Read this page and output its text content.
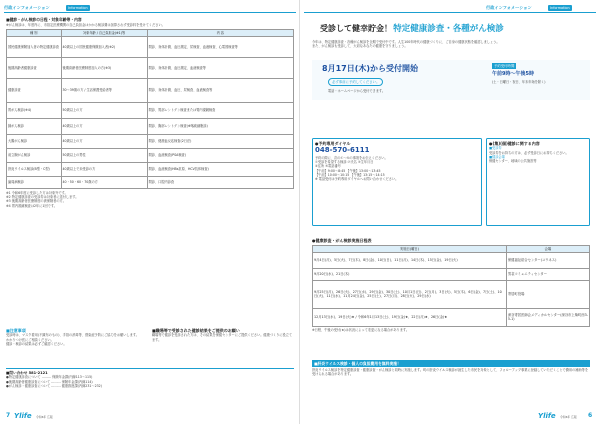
行政インフォメーション	Information
■健診・がん検診の日程・対象年齢等・内容
※がん検診は、年度内に、市指定医療機関の自己負担金はかかる検診費は加算されず受診料を受けてください。
種 別	対象年齢 / 自己負担金(※1)等	内 容
国民健康保険加入者の特定健康診査	40歳以上の国民健康保険加入者(※2)	問診、身体計測、血圧測定、尿検査、血液検査、心電図検査等
後期高齢者健康診査	後期高齢者医療制度加入の方(※3)	問診、身体計測、血圧測定、血液検査等
健康診査	30～39歳の方 / 生活保護受給者等	問診、身体計測、血圧、尿検査、血液検査等
胃がん検診(※4)	50歳以上の方	問診、胃部レントゲン検査または胃内視鏡検査
肺がん検診	40歳以上の方	問診、胸部レントゲン検査(※喀痰細胞診)
大腸がん検診	40歳以上の方	問診、便潜血反応検査(2日法)
前立腺がん検診	50歳以上の男性	問診、血液検査(PSA検査)
肝炎ウイルス検診(B型・C型)	40歳以上で未受診の方	問診、血液検査(HBs抗原、HCV抗体検査)
歯周病検診	40・50・60・70歳の方	問診、口腔内診査
※1 令和6年度に受診した方は対象外です。
※2 特定健康診査の受診券は対象者に送付します。
※3 後期高齢者医療制度の被保険者の方。
※4 胃内視鏡検査は2年に1回です。
■注意事項
受診時は、マスク着用(不織布のもの)、手指の消毒等、感染症予防にご協力をお願いします。
かかりつけ医にご相談ください。
健診・検診の結果は必ずご確認ください。
■職場等で受診された健診結果をご提供のお願い
職場等で健診を受診された方は、その結果を保健センターにご提供ください。健康づくりに役立てます。
■問い合わせ 581-2121
●特定健康診査について ……… 保険年金課(内線113～115)
●後期高齢者健康診査について ……… 保険年金課(内線114)
●がん検診・健康診査について ……… 健康推進課(内線231～232)
7 Ylife 令和6年 広報
行政インフォメーション	Information
受診して健幸貯金！ 特定健康診査・各種がん検診
今年は、特定健康診査・各種がん検診を全期で受付中です。人生100年時代の健康づくりに、ご自身の健康状態を確認しましょう。
また、がん検診も受診して、大切なあなたの健康を守りましょう。
8月17日(木)から受付開始
必ず事前に予約してください。
電話・ホームページから受付できます。
予約受付時間
午前9時～午後5時
(土・日曜日・祝日、年末年始を除く)
●予約専用ダイヤル
048-570-6111
予約の際に、次の①～⑤の事項をお伝えください。
①受診を希望する検診 ②氏名 ③生年月日
④住所 ⑤電話番号
【午前】9:00～8:45 【午後】13:00～13:45
【午前】10:00～10:15 【午後】13:15～14:15
※ 電話受付は予約専用ダイヤルへお問い合わせください。
●(集)(個)健診に関する内容
■受診券
受診券をお持ちの方は、必ず受診日にお持ちください。
■健診会場
保健センター、地域の公共施設等
●健康診査・がん検診実施日程表
実施日(曜日)	会場
9月4日(月)、5日(火)、7日(木)、8日(金)、10日(日)、11日(月)、14日(木)、15日(金)、19日(火)	保健福祉総合センター(ユウネス)
9月20日(水)、21日(木)	男衾コミュニティセンター
9月25日(月)、26日(火)、27日(水)、29日(金)、30日(土)、10月1日(日)、2日(月)、3日(火)、5日(木)、6日(金)、7日(土)、10日(火)、11日(水)、11月24日(金)、25日(土)、27日(月)、28日(火)、29日(水)	寄居町役場
12月13日(水)、19日(火)★ / 令和6年1月13日(土)、19日(金)★、22日(月)★、26日(金)★	深谷寄居医師会メディカルセンター(深谷市上柴町西3-5-1)
※日程、午後の受付(★)は状況によって変更になる場合があります。
■肝炎ウイルス検診・個人の負担費用を無料実施！
肝炎ウイルス検診を特定健康診査・健康診査・がん検診と同時に実施します。町の肝炎ウイルス検診が誕生した市民を対象として、フォローアップ事業に登録していただくことで費用の補助等を受けられる場合があります。
Ylife 令和6年 広報 6
